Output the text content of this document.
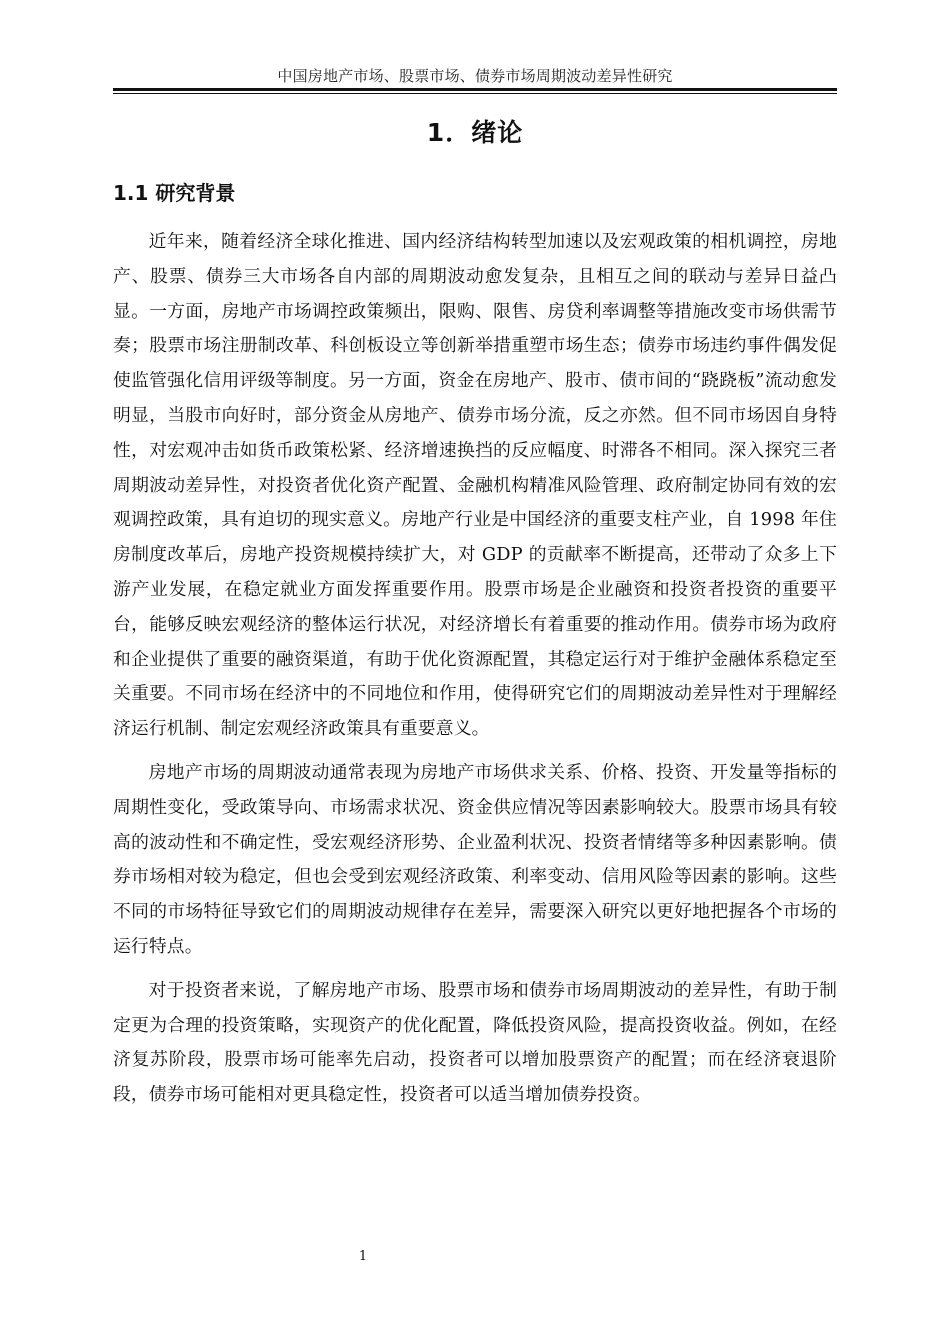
中国房地产市场、股票市场、债券市场周期波动差异性研究
1．绪论
1.1 研究背景

近年来，随着经济全球化推进、国内经济结构转型加速以及宏观政策的相机调控，房地产、股票、债券三大市场各自内部的周期波动愈发复杂，且相互之间的联动与差异日益凸显。一方面，房地产市场调控政策频出，限购、限售、房贷利率调整等措施改变市场供需节奏；股票市场注册制改革、科创板设立等创新举措重塑市场生态；债券市场违约事件偶发促使监管强化信用评级等制度。另一方面，资金在房地产、股市、债市间的“跷跷板”流动愈发明显，当股市向好时，部分资金从房地产、债券市场分流，反之亦然。但不同市场因自身特性，对宏观冲击如货币政策松紧、经济增速换挡的反应幅度、时滞各不相同。深入探究三者周期波动差异性，对投资者优化资产配置、金融机构精准风险管理、政府制定协同有效的宏观调控政策，具有迫切的现实意义。房地产行业是中国经济的重要支柱产业，自 1998 年住房制度改革后，房地产投资规模持续扩大，对 GDP 的贡献率不断提高，还带动了众多上下游产业发展，在稳定就业方面发挥重要作用。股票市场是企业融资和投资者投资的重要平台，能够反映宏观经济的整体运行状况，对经济增长有着重要的推动作用。债券市场为政府和企业提供了重要的融资渠道，有助于优化资源配置，其稳定运行对于维护金融体系稳定至关重要。不同市场在经济中的不同地位和作用，使得研究它们的周期波动差异性对于理解经济运行机制、制定宏观经济政策具有重要意义。

房地产市场的周期波动通常表现为房地产市场供求关系、价格、投资、开发量等指标的周期性变化，受政策导向、市场需求状况、资金供应情况等因素影响较大。股票市场具有较高的波动性和不确定性，受宏观经济形势、企业盈利状况、投资者情绪等多种因素影响。债券市场相对较为稳定，但也会受到宏观经济政策、利率变动、信用风险等因素的影响。这些不同的市场特征导致它们的周期波动规律存在差异，需要深入研究以更好地把握各个市场的运行特点。

对于投资者来说，了解房地产市场、股票市场和债券市场周期波动的差异性，有助于制定更为合理的投资策略，实现资产的优化配置，降低投资风险，提高投资收益。例如，在经济复苏阶段，股票市场可能率先启动，投资者可以增加股票资产的配置；而在经济衰退阶段，债券市场可能相对更具稳定性，投资者可以适当增加债券投资。

1
